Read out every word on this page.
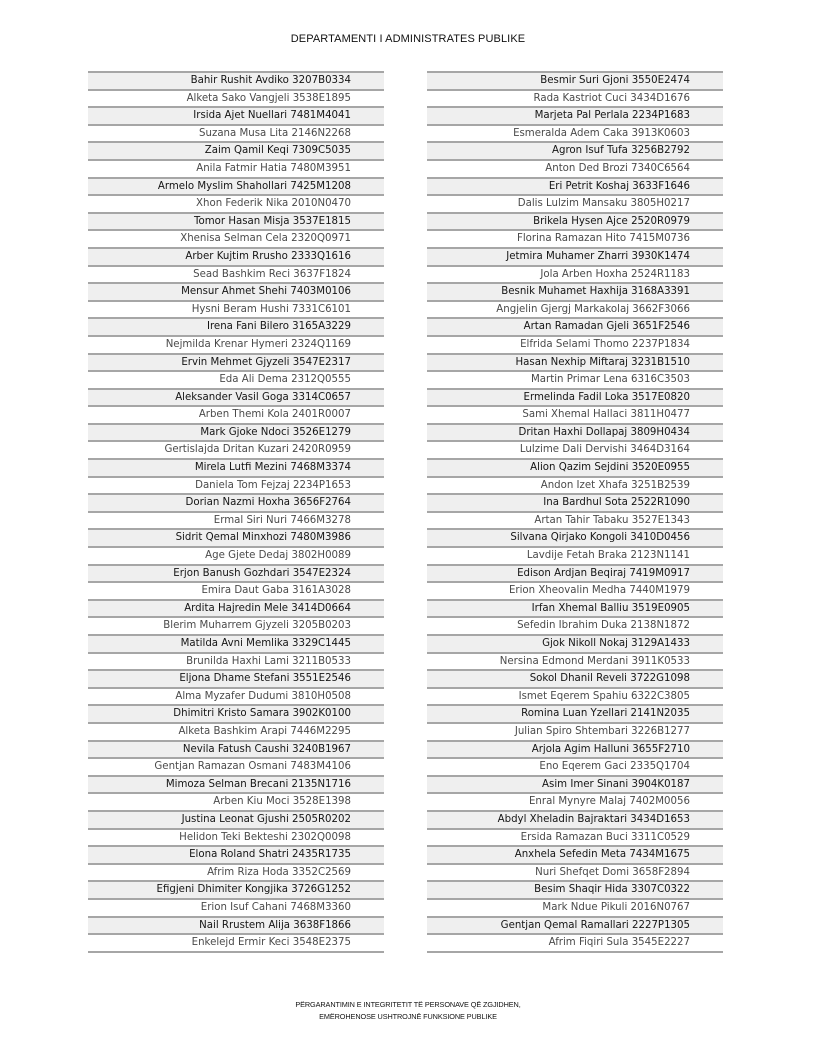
DEPARTAMENTI I ADMINISTRATES PUBLIKE
Bahir Rushit Avdiko 3207B0334
Alketa Sako Vangjeli 3538E1895
Irsida Ajet Nuellari 7481M4041
Suzana Musa Lita 2146N2268
Zaim Qamil Keqi 7309C5035
Anila Fatmir Hatia 7480M3951
Armelo Myslim Shahollari 7425M1208
Xhon Federik Nika 2010N0470
Tomor Hasan Misja 3537E1815
Xhenisa Selman Cela 2320Q0971
Arber Kujtim Rrusho 2333Q1616
Sead Bashkim Reci 3637F1824
Mensur Ahmet Shehi 7403M0106
Hysni Beram Hushi 7331C6101
Irena Fani Bilero 3165A3229
Nejmilda Krenar Hymeri 2324Q1169
Ervin Mehmet Gjyzeli 3547E2317
Eda Ali Dema 2312Q0555
Aleksander Vasil Goga 3314C0657
Arben Themi Kola 2401R0007
Mark Gjoke Ndoci 3526E1279
Gertislajda Dritan Kuzari 2420R0959
Mirela Lutfi Mezini 7468M3374
Daniela Tom Fejzaj 2234P1653
Dorian Nazmi Hoxha 3656F2764
Ermal Siri Nuri 7466M3278
Sidrit Qemal Minxhozi 7480M3986
Age Gjete Dedaj 3802H0089
Erjon Banush Gozhdari 3547E2324
Emira Daut Gaba 3161A3028
Ardita Hajredin Mele 3414D0664
Blerim Muharrem Gjyzeli 3205B0203
Matilda Avni Memlika 3329C1445
Brunilda Haxhi Lami 3211B0533
Eljona Dhame Stefani 3551E2546
Alma Myzafer Dudumi 3810H0508
Dhimitri Kristo Samara 3902K0100
Alketa Bashkim Arapi 7446M2295
Nevila Fatush Caushi 3240B1967
Gentjan Ramazan Osmani 7483M4106
Mimoza Selman Brecani 2135N1716
Arben Kiu Moci 3528E1398
Justina Leonat Gjushi 2505R0202
Helidon Teki Bekteshi 2302Q0098
Elona Roland Shatri 2435R1735
Afrim Riza Hoda 3352C2569
Efigjeni Dhimiter Kongjika 3726G1252
Erion Isuf Cahani 7468M3360
Nail Rrustem Alija 3638F1866
Enkelejd Ermir Keci 3548E2375
Besmir Suri Gjoni 3550E2474
Rada Kastriot Cuci 3434D1676
Marjeta Pal Perlala 2234P1683
Esmeralda Adem Caka 3913K0603
Agron Isuf Tufa 3256B2792
Anton Ded Brozi 7340C6564
Eri Petrit Koshaj 3633F1646
Dalis Lulzim Mansaku 3805H0217
Brikela Hysen Ajce 2520R0979
Florina Ramazan Hito 7415M0736
Jetmira Muhamer Zharri 3930K1474
Jola Arben Hoxha 2524R1183
Besnik Muhamet Haxhija 3168A3391
Angjelin Gjergj Markakolaj 3662F3066
Artan Ramadan Gjeli 3651F2546
Elfrida Selami Thomo 2237P1834
Hasan Nexhip Miftaraj 3231B1510
Martin Primar Lena 6316C3503
Ermelinda Fadil Loka 3517E0820
Sami Xhemal Hallaci 3811H0477
Dritan Haxhi Dollapaj 3809H0434
Lulzime Dali Dervishi 3464D3164
Alion Qazim Sejdini 3520E0955
Andon Izet Xhafa 3251B2539
Ina Bardhul Sota 2522R1090
Artan Tahir Tabaku 3527E1343
Silvana Qirjako Kongoli 3410D0456
Lavdije Fetah Braka 2123N1141
Edison Ardjan Beqiraj 7419M0917
Erion Xheovalin Medha 7440M1979
Irfan Xhemal Balliu 3519E0905
Sefedin Ibrahim Duka 2138N1872
Gjok Nikoll Nokaj 3129A1433
Nersina Edmond Merdani 3911K0533
Sokol Dhanil Reveli 3722G1098
Ismet Eqerem Spahiu 6322C3805
Romina Luan Yzellari 2141N2035
Julian Spiro Shtembari 3226B1277
Arjola Agim Halluni 3655F2710
Eno Eqerem Gaci 2335Q1704
Asim Imer Sinani 3904K0187
Enral Mynyre Malaj 7402M0056
Abdyl Xheladin Bajraktari 3434D1653
Ersida Ramazan Buci 3311C0529
Anxhela Sefedin Meta 7434M1675
Nuri Shefqet Domi 3658F2894
Besim Shaqir Hida 3307C0322
Mark Ndue Pikuli 2016N0767
Gentjan Qemal Ramallari 2227P1305
Afrim Fiqiri Sula 3545E2227
PËRGARANTIMIN E INTEGRITETIT TË PERSONAVE QË ZGJIDHEN,
EMËROHENOSE USHTROJNË FUNKSIONE PUBLIKE
